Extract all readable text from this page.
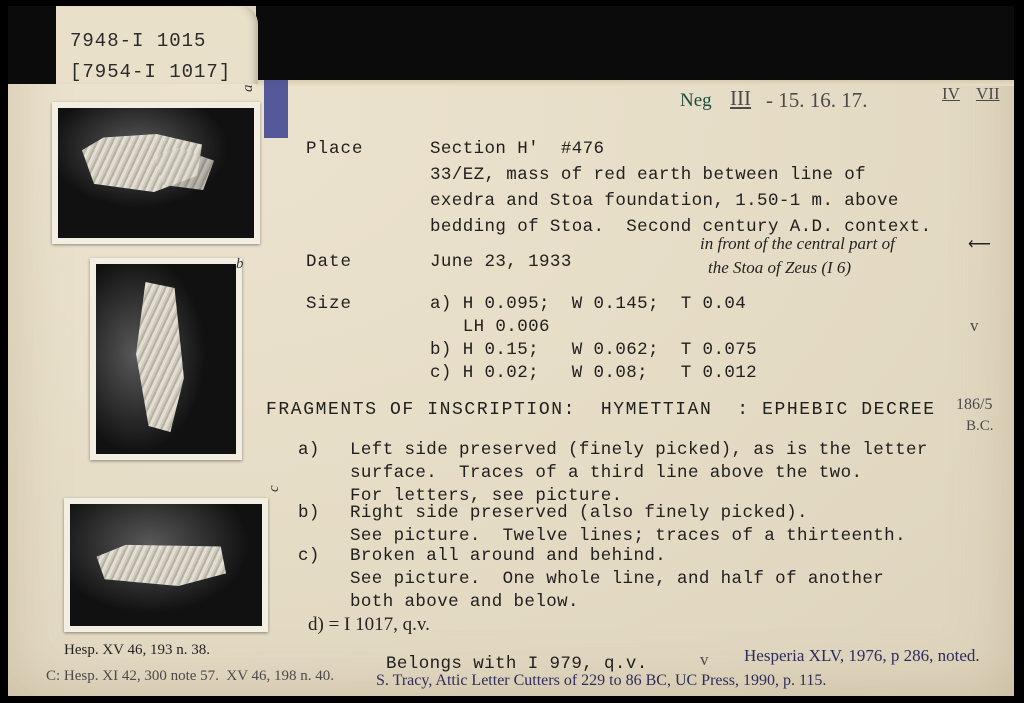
7948-I 1015
[7954-I 1017]
Neg III - 15. 16. 17.	IV VII
a
b
c
Place	Section H'  #476
33/EZ, mass of red earth between line of
exedra and Stoa foundation, 1.50-1 m. above
bedding of Stoa.  Second century A.D. context.
in front of the central part of
the Stoa of Zeus (I 6)
⟵
Date	June 23, 1933
Size	a) H 0.095;  W 0.145;  T 0.04
LH 0.006
b) H 0.15;   W 0.062;  T 0.075
c) H 0.02;   W 0.08;   T 0.012
v
FRAGMENTS OF INSCRIPTION:  HYMETTIAN  : EPHEBIC DECREE 186/5
B.C.
a) Left side preserved (finely picked), as is the letter
surface.  Traces of a third line above the two.
For letters, see picture.
b) Right side preserved (also finely picked).
See picture.  Twelve lines; traces of a thirteenth.
c) Broken all around and behind.
See picture.  One whole line, and half of another
both above and below.
d) = I 1017, q.v.
Belongs with I 979, q.v.	v
Hesp. XV 46, 193 n. 38.
C: Hesp. XI 42, 300 note 57.  XV 46, 198 n. 40.
Hesperia XLV, 1976, p 286, noted.
S. Tracy, Attic Letter Cutters of 229 to 86 BC, UC Press, 1990, p. 115.
